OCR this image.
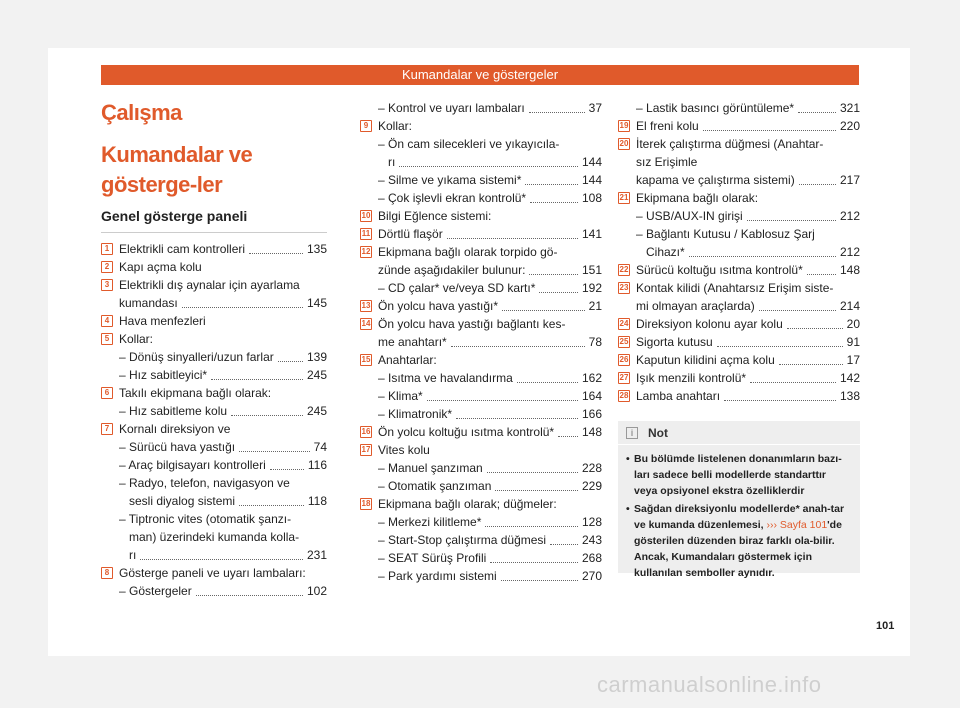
Kumandalar ve göstergeler
Çalışma
Kumandalar ve gösterge-ler
Genel gösterge paneli
1 Elektrikli cam kontrolleri	135
2 Kapı açma kolu
3 Elektrikli dış aynalar için ayarlama
kumandası	145
4 Hava menfezleri
5 Kollar:
– Dönüş sinyalleri/uzun farlar	139
– Hız sabitleyici*	245
6 Takılı ekipmana bağlı olarak:
– Hız sabitleme kolu	245
7 Kornalı direksiyon ve
– Sürücü hava yastığı	74
– Araç bilgisayarı kontrolleri	116
– Radyo, telefon, navigasyon ve
sesli diyalog sistemi	118
– Tiptronic vites (otomatik şanzı-
man) üzerindeki kumanda kolla-
rı	231
8 Gösterge paneli ve uyarı lambaları:
– Göstergeler	102
– Kontrol ve uyarı lambaları	37
9 Kollar:
– Ön cam silecekleri ve yıkayıcıla-
rı	144
– Silme ve yıkama sistemi*	144
– Çok işlevli ekran kontrolü*	108
10 Bilgi Eğlence sistemi:
11 Dörtlü flaşör	141
12 Ekipmana bağlı olarak torpido gö-
zünde aşağıdakiler bulunur:	151
– CD çalar* ve/veya SD kartı*	192
13 Ön yolcu hava yastığı*	21
14 Ön yolcu hava yastığı bağlantı kes-
me anahtarı*	78
15 Anahtarlar:
– Isıtma ve havalandırma	162
– Klima*	164
– Klimatronik*	166
16 Ön yolcu koltuğu ısıtma kontrolü* 148
17 Vites kolu
– Manuel şanzıman	228
– Otomatik şanzıman	229
18 Ekipmana bağlı olarak; düğmeler:
– Merkezi kilitleme*	128
– Start-Stop çalıştırma düğmesi	243
– SEAT Sürüş Profili	268
– Park yardımı sistemi	270
– Lastik basıncı görüntüleme*	321
19 El freni kolu	220
20 İterek çalıştırma düğmesi (Anahtar-
sız Erişimle
kapama ve çalıştırma sistemi)	217
21 Ekipmana bağlı olarak:
– USB/AUX-IN girişi	212
– Bağlantı Kutusu / Kablosuz Şarj
Cihazı*	212
22 Sürücü koltuğu ısıtma kontrolü*	148
23 Kontak kilidi (Anahtarsız Erişim siste-
mi olmayan araçlarda)	214
24 Direksiyon kolonu ayar kolu	20
25 Sigorta kutusu	91
26 Kaputun kilidini açma kolu	17
27 Işık menzili kontrolü*	142
28 Lamba anahtarı	138
i	Not
• Bu bölümde listelenen donanımların bazı-ları sadece belli modellerde standarttır veya opsiyonel ekstra özelliklerdir
• Sağdan direksiyonlu modellerde* anah-tar ve kumanda düzenlemesi, ››› Sayfa 101'de gösterilen düzenden biraz farklı ola-bilir. Ancak, Kumandaları göstermek için kullanılan semboller aynıdır.
101
carmanualsonline.info
